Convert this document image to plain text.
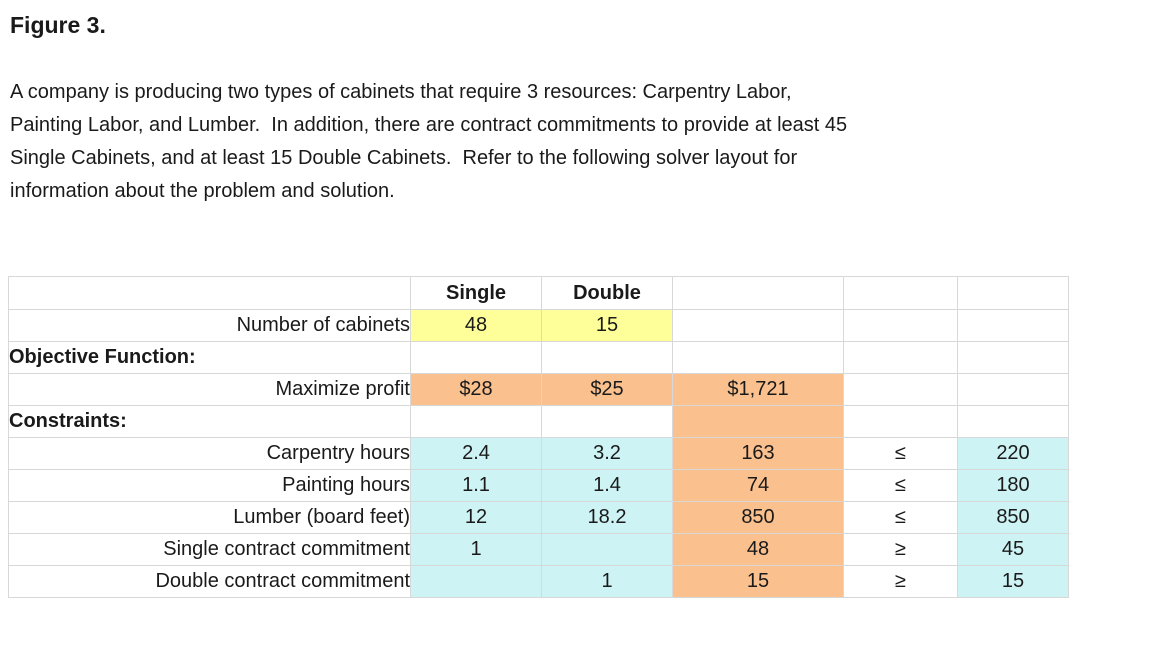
Figure 3.
A company is producing two types of cabinets that require 3 resources: Carpentry Labor,
Painting Labor, and Lumber.  In addition, there are contract commitments to provide at least 45
Single Cabinets, and at least 15 Double Cabinets.  Refer to the following solver layout for
information about the problem and solution.
	Single	Double			
Number of cabinets	48	15			
Objective Function:					
Maximize profit	$28	$25	$1,721		
Constraints:					
Carpentry hours	2.4	3.2	163	≤	220
Painting hours	1.1	1.4	74	≤	180
Lumber (board feet)	12	18.2	850	≤	850
Single contract commitment	1		48	≥	45
Double contract commitment		1	15	≥	15
